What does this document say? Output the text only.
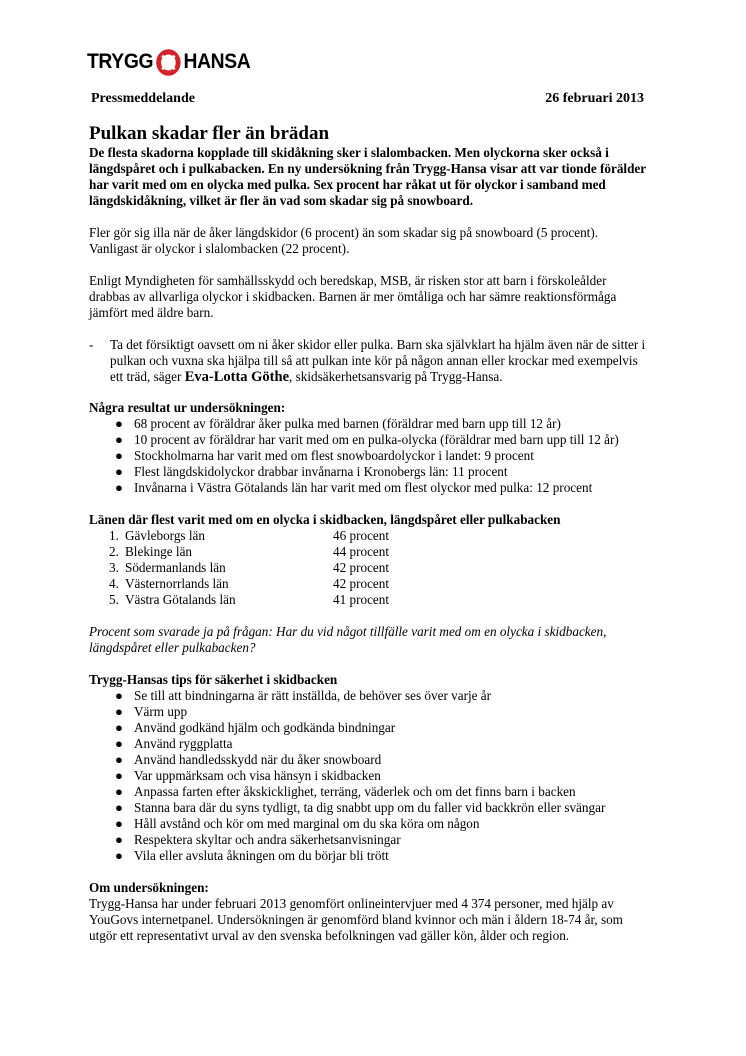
TRYGG HANSA
Pressmeddelande	26 februari 2013
Pulkan skadar fler än brädan

De flesta skadorna kopplade till skidåkning sker i slalombacken. Men olyckorna sker också i längdspåret och i pulkabacken. En ny undersökning från Trygg-Hansa visar att var tionde förälder har varit med om en olycka med pulka. Sex procent har råkat ut för olyckor i samband med längdskidåkning, vilket är fler än vad som skadar sig på snowboard.

Fler gör sig illa när de åker längdskidor (6 procent) än som skadar sig på snowboard (5 procent). Vanligast är olyckor i slalombacken (22 procent).

Enligt Myndigheten för samhällsskydd och beredskap, MSB, är risken stor att barn i förskoleålder drabbas av allvarliga olyckor i skidbacken. Barnen är mer ömtåliga och har sämre reaktionsförmåga jämfört med äldre barn.

-	Ta det försiktigt oavsett om ni åker skidor eller pulka. Barn ska självklart ha hjälm även när de sitter i pulkan och vuxna ska hjälpa till så att pulkan inte kör på någon annan eller krockar med exempelvis ett träd, säger Eva-Lotta Göthe, skidsäkerhetsansvarig på Trygg-Hansa.

Några resultat ur undersökningen:

● 68 procent av föräldrar åker pulka med barnen (föräldrar med barn upp till 12 år)
● 10 procent av föräldrar har varit med om en pulka-olycka (föräldrar med barn upp till 12 år)
● Stockholmarna har varit med om flest snowboardolyckor i landet: 9 procent
● Flest längdskidolyckor drabbar invånarna i Kronobergs län: 11 procent
● Invånarna i Västra Götalands län har varit med om flest olyckor med pulka: 12 procent

Länen där flest varit med om en olycka i skidbacken, längdspåret eller pulkabacken

1. Gävleborgs län	46 procent
2. Blekinge län	44 procent
3. Södermanlands län	42 procent
4. Västernorrlands län	42 procent
5. Västra Götalands län	41 procent

Procent som svarade ja på frågan: Har du vid något tillfälle varit med om en olycka i skidbacken, längdspåret eller pulkabacken?

Trygg-Hansas tips för säkerhet i skidbacken

● Se till att bindningarna är rätt inställda, de behöver ses över varje år
● Värm upp
● Använd godkänd hjälm och godkända bindningar
● Använd ryggplatta
● Använd handledsskydd när du åker snowboard
● Var uppmärksam och visa hänsyn i skidbacken
● Anpassa farten efter åkskicklighet, terräng, väderlek och om det finns barn i backen
● Stanna bara där du syns tydligt, ta dig snabbt upp om du faller vid backkrön eller svängar
● Håll avstånd och kör om med marginal om du ska köra om någon
● Respektera skyltar och andra säkerhetsanvisningar
● Vila eller avsluta åkningen om du börjar bli trött

Om undersökningen:

Trygg-Hansa har under februari 2013 genomfört onlineintervjuer med 4 374 personer, med hjälp av YouGovs internetpanel. Undersökningen är genomförd bland kvinnor och män i åldern 18-74 år, som utgör ett representativt urval av den svenska befolkningen vad gäller kön, ålder och region.
